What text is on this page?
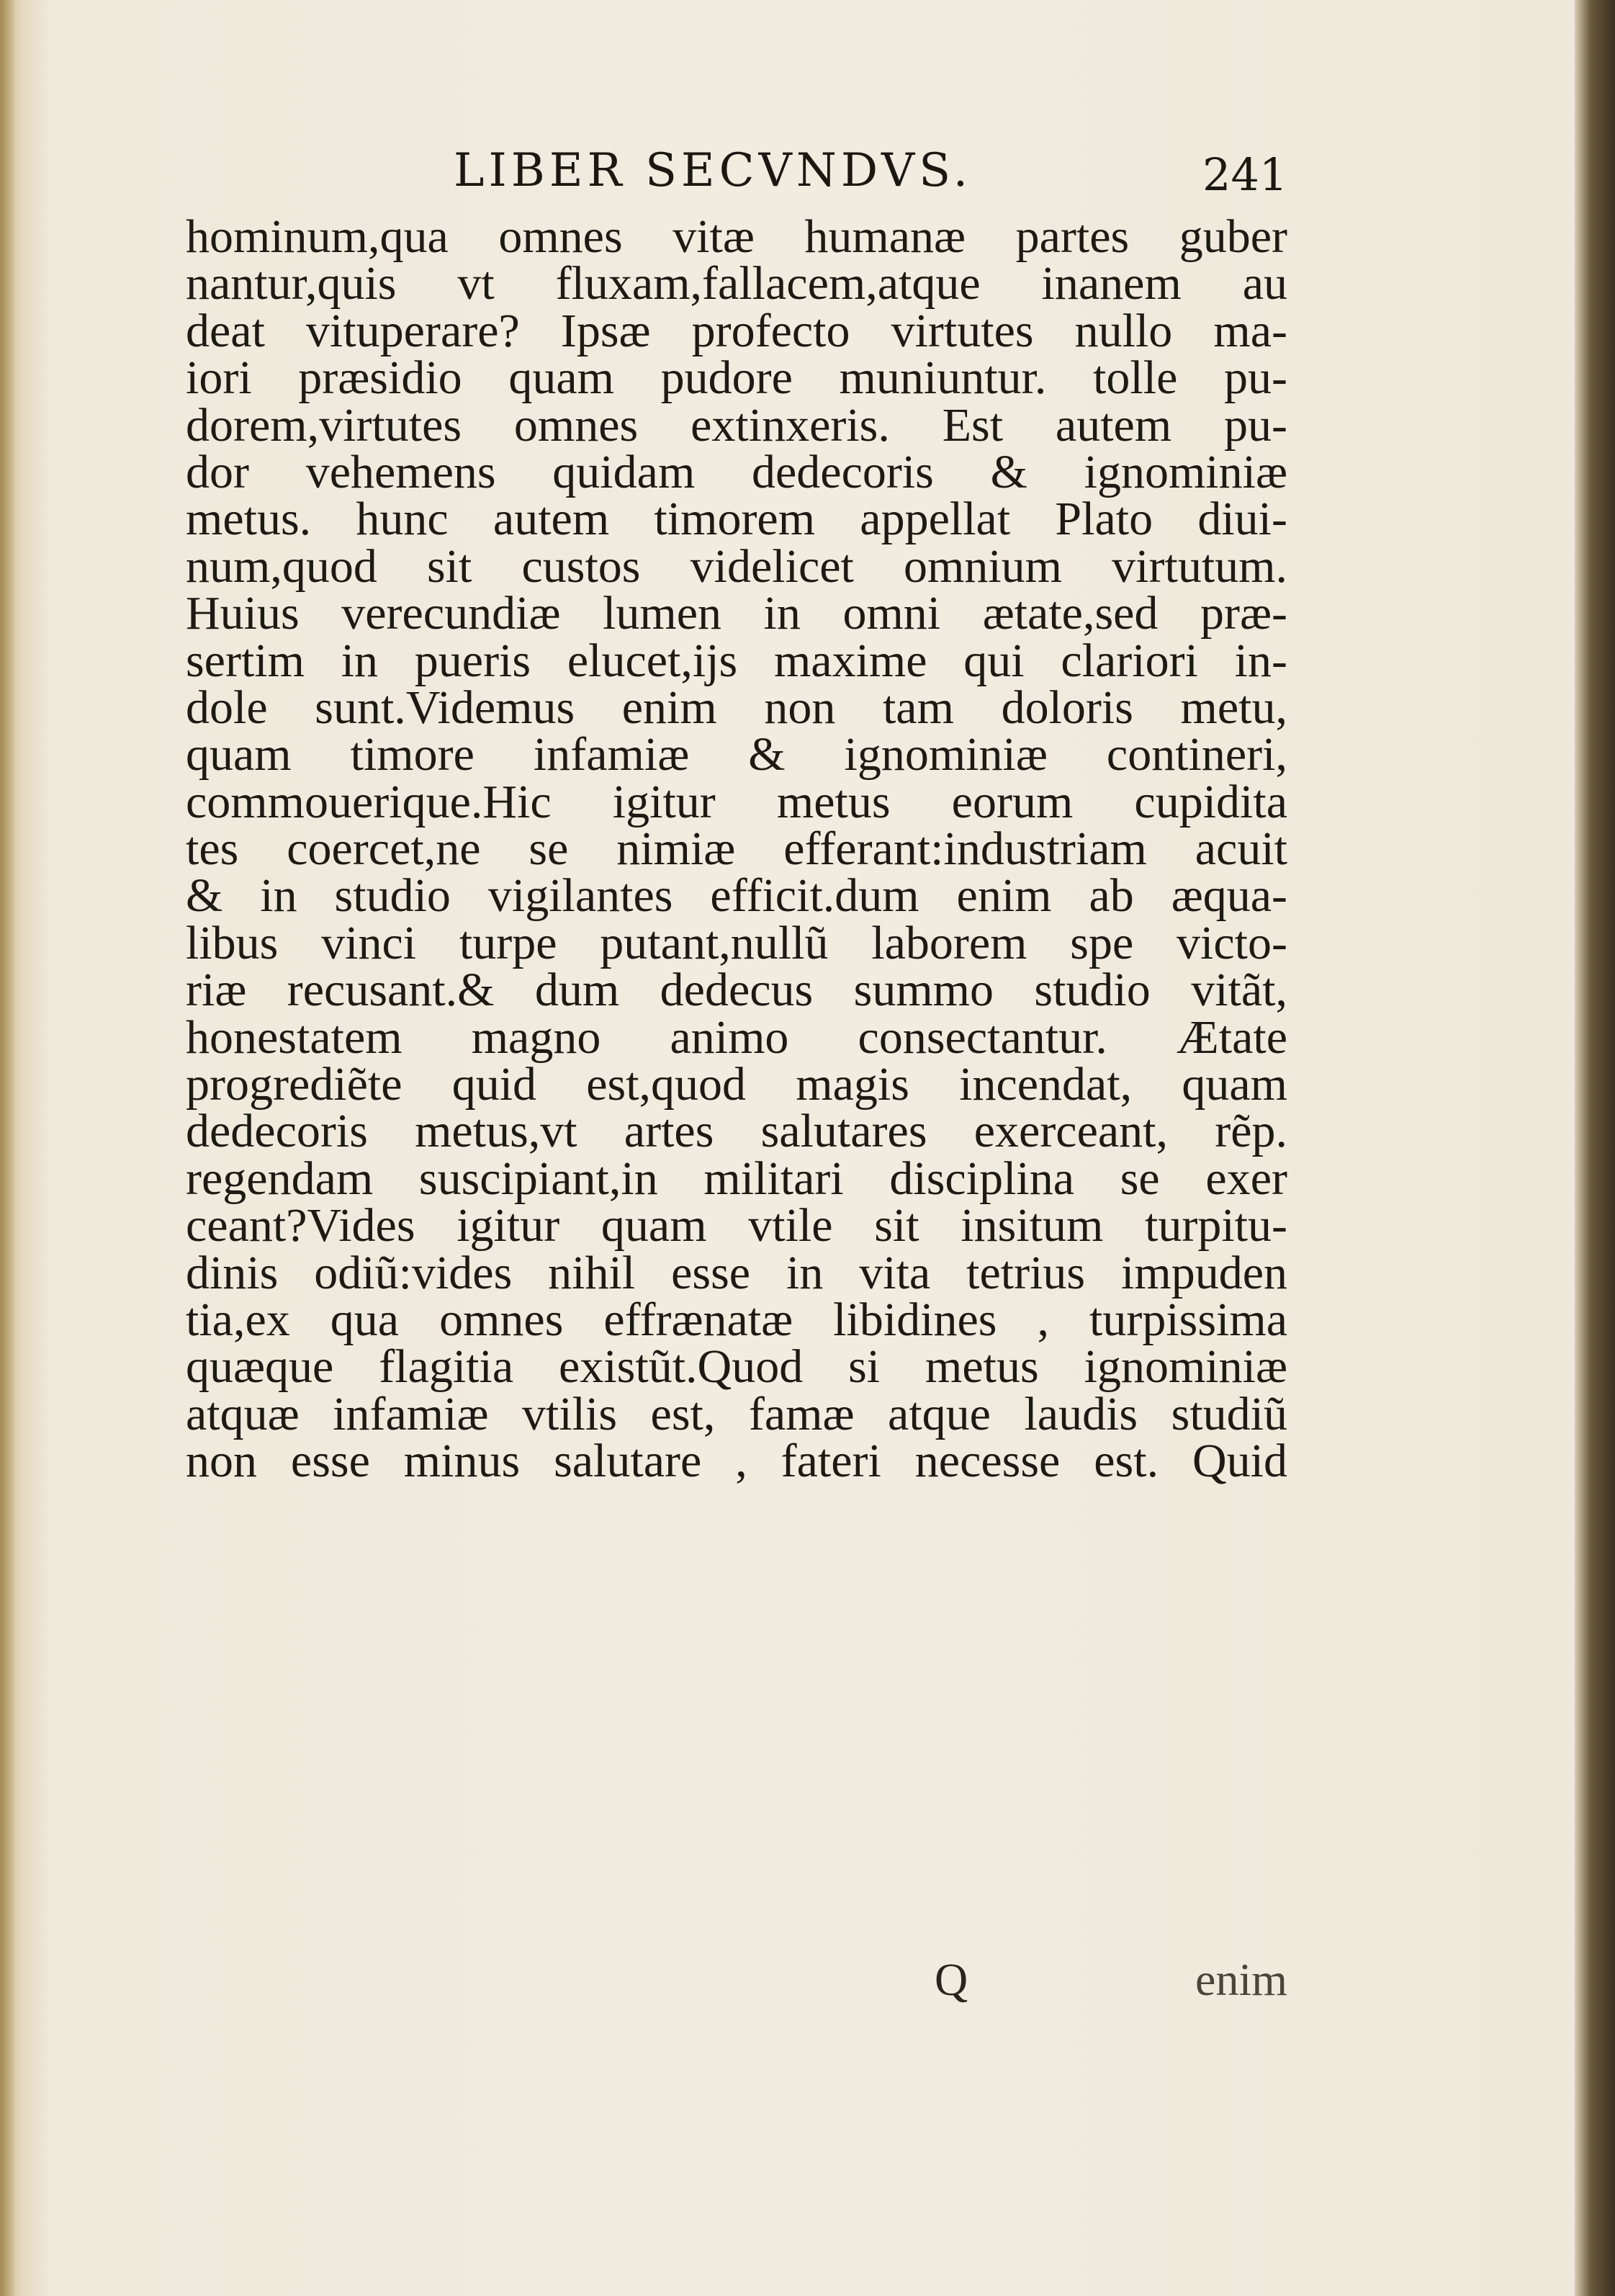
LIBER SECVNDVS.	241
hominum,qua omnes vitæ humanæ partes guber
nantur,quis vt fluxam,fallacem,atque inanem au
deat vituperare? Ipsæ profecto virtutes nullo ma-
iori præsidio quam pudore muniuntur. tolle pu-
dorem,virtutes omnes extinxeris. Est autem pu-
dor vehemens quidam dedecoris & ignominiæ
metus. hunc autem timorem appellat Plato diui-
num,quod sit custos videlicet omnium virtutum.
Huius verecundiæ lumen in omni ætate,sed præ-
sertim in pueris elucet,ijs maxime qui clariori in-
dole sunt.Videmus enim non tam doloris metu,
quam timore infamiæ & ignominiæ contineri,
commouerique.Hic igitur metus eorum cupidita
tes coercet,ne se nimiæ efferant:industriam acuit
& in studio vigilantes efficit.dum enim ab æqua-
libus vinci turpe putant,nullũ laborem spe victo-
riæ recusant.& dum dedecus summo studio vitãt,
honestatem magno animo consectantur. Ætate
progrediẽte quid est,quod magis incendat, quam
dedecoris metus,vt artes salutares exerceant, rẽp.
regendam suscipiant,in militari disciplina se exer
ceant?Vides igitur quam vtile sit insitum turpitu-
dinis odiũ:vides nihil esse in vita tetrius impuden
tia,ex qua omnes effrænatæ libidines , turpissima
quæque flagitia existũt.Quod si metus ignominiæ
atquæ infamiæ vtilis est, famæ atque laudis studiũ
non esse minus salutare , fateri necesse est. Quid
Q	enim
